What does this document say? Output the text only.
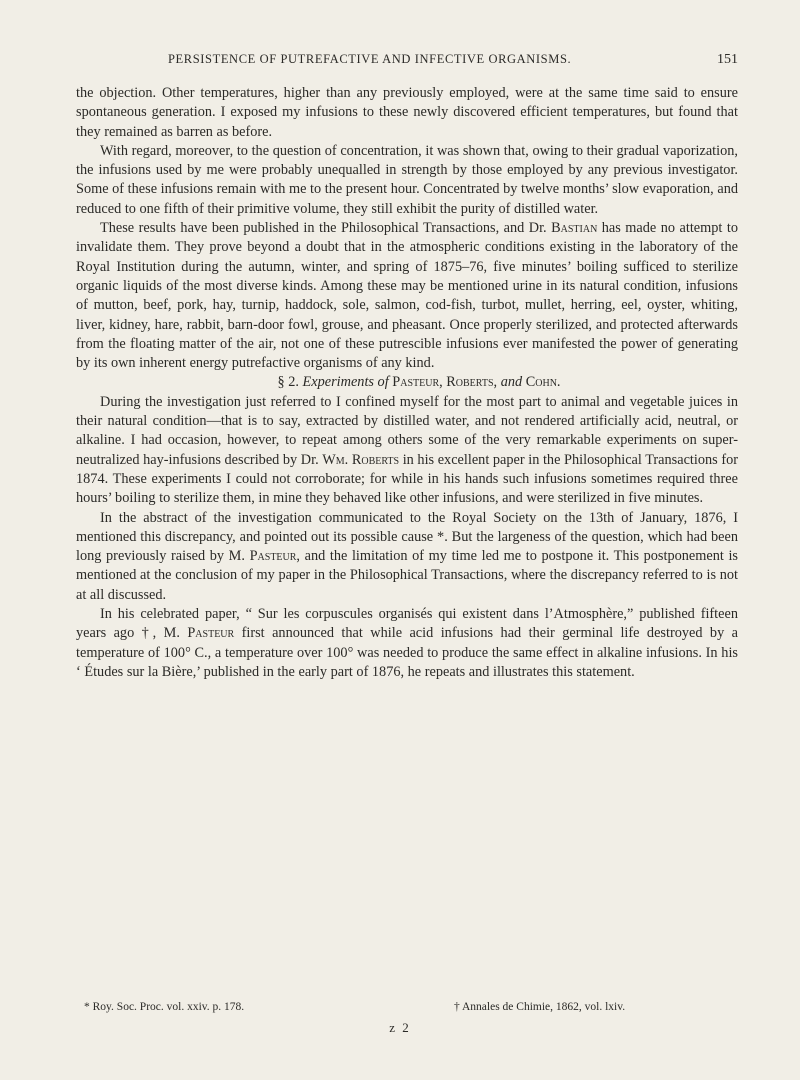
PERSISTENCE OF PUTREFACTIVE AND INFECTIVE ORGANISMS.	151

the objection. Other temperatures, higher than any previously employed, were at the same time said to ensure spontaneous generation. I exposed my infusions to these newly discovered efficient temperatures, but found that they remained as barren as before.

With regard, moreover, to the question of concentration, it was shown that, owing to their gradual vaporization, the infusions used by me were probably unequalled in strength by those employed by any previous investigator. Some of these infusions remain with me to the present hour. Concentrated by twelve months’ slow evaporation, and reduced to one fifth of their primitive volume, they still exhibit the purity of distilled water.

These results have been published in the Philosophical Transactions, and Dr. Bastian has made no attempt to invalidate them. They prove beyond a doubt that in the atmospheric conditions existing in the laboratory of the Royal Institution during the autumn, winter, and spring of 1875–76, five minutes’ boiling sufficed to sterilize organic liquids of the most diverse kinds. Among these may be mentioned urine in its natural condition, infusions of mutton, beef, pork, hay, turnip, haddock, sole, salmon, cod-fish, turbot, mullet, herring, eel, oyster, whiting, liver, kidney, hare, rabbit, barn-door fowl, grouse, and pheasant. Once properly sterilized, and protected afterwards from the floating matter of the air, not one of these putrescible infusions ever manifested the power of generating by its own inherent energy putrefactive organisms of any kind.

§ 2. Experiments of Pasteur, Roberts, and Cohn.

During the investigation just referred to I confined myself for the most part to animal and vegetable juices in their natural condition—that is to say, extracted by distilled water, and not rendered artificially acid, neutral, or alkaline. I had occasion, however, to repeat among others some of the very remarkable experiments on super-neutralized hay-infusions described by Dr. Wm. Roberts in his excellent paper in the Philosophical Transactions for 1874. These experiments I could not corroborate; for while in his hands such infusions sometimes required three hours’ boiling to sterilize them, in mine they behaved like other infusions, and were sterilized in five minutes.

In the abstract of the investigation communicated to the Royal Society on the 13th of January, 1876, I mentioned this discrepancy, and pointed out its possible cause *. But the largeness of the question, which had been long previously raised by M. Pasteur, and the limitation of my time led me to postpone it. This postponement is mentioned at the conclusion of my paper in the Philosophical Transactions, where the discrepancy referred to is not at all discussed.

In his celebrated paper, “ Sur les corpuscules organisés qui existent dans l’Atmosphère,” published fifteen years ago †, M. Pasteur first announced that while acid infusions had their germinal life destroyed by a temperature of 100° C., a temperature over 100° was needed to produce the same effect in alkaline infusions. In his ‘ Études sur la Bière,’ published in the early part of 1876, he repeats and illustrates this statement.

* Roy. Soc. Proc. vol. xxiv. p. 178.	† Annales de Chimie, 1862, vol. lxiv.
z 2
